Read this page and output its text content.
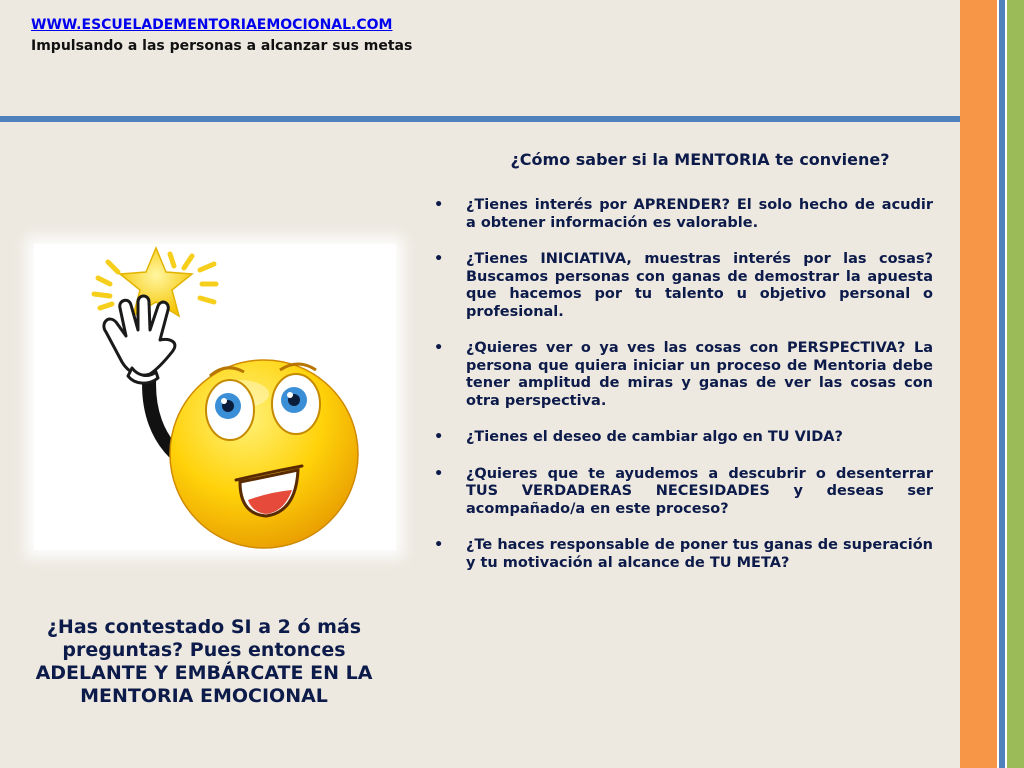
WWW.ESCUELADEMENTORIAEMOCIONAL.COM
Impulsando a las personas a alcanzar sus metas
¿Has contestado SI a 2 ó más
preguntas? Pues entonces
ADELANTE Y EMBÁRCATE EN LA
MENTORIA EMOCIONAL
¿Cómo saber si la MENTORIA te conviene?
• ¿Tienes interés por APRENDER? El solo hecho de acudir a obtener información es valorable.
• ¿Tienes INICIATIVA, muestras interés por las cosas? Buscamos personas con ganas de demostrar la apuesta que hacemos por tu talento u objetivo personal o profesional.
• ¿Quieres ver o ya ves las cosas con PERSPECTIVA? La persona que quiera iniciar un proceso de Mentoria debe tener amplitud de miras y ganas de ver las cosas con otra perspectiva.
• ¿Tienes el deseo de cambiar algo en TU VIDA?
• ¿Quieres que te ayudemos a descubrir o desenterrar TUS VERDADERAS NECESIDADES y deseas ser acompañado/a en este proceso?
• ¿Te haces responsable de poner tus ganas de superación y tu motivación al alcance de TU META?
